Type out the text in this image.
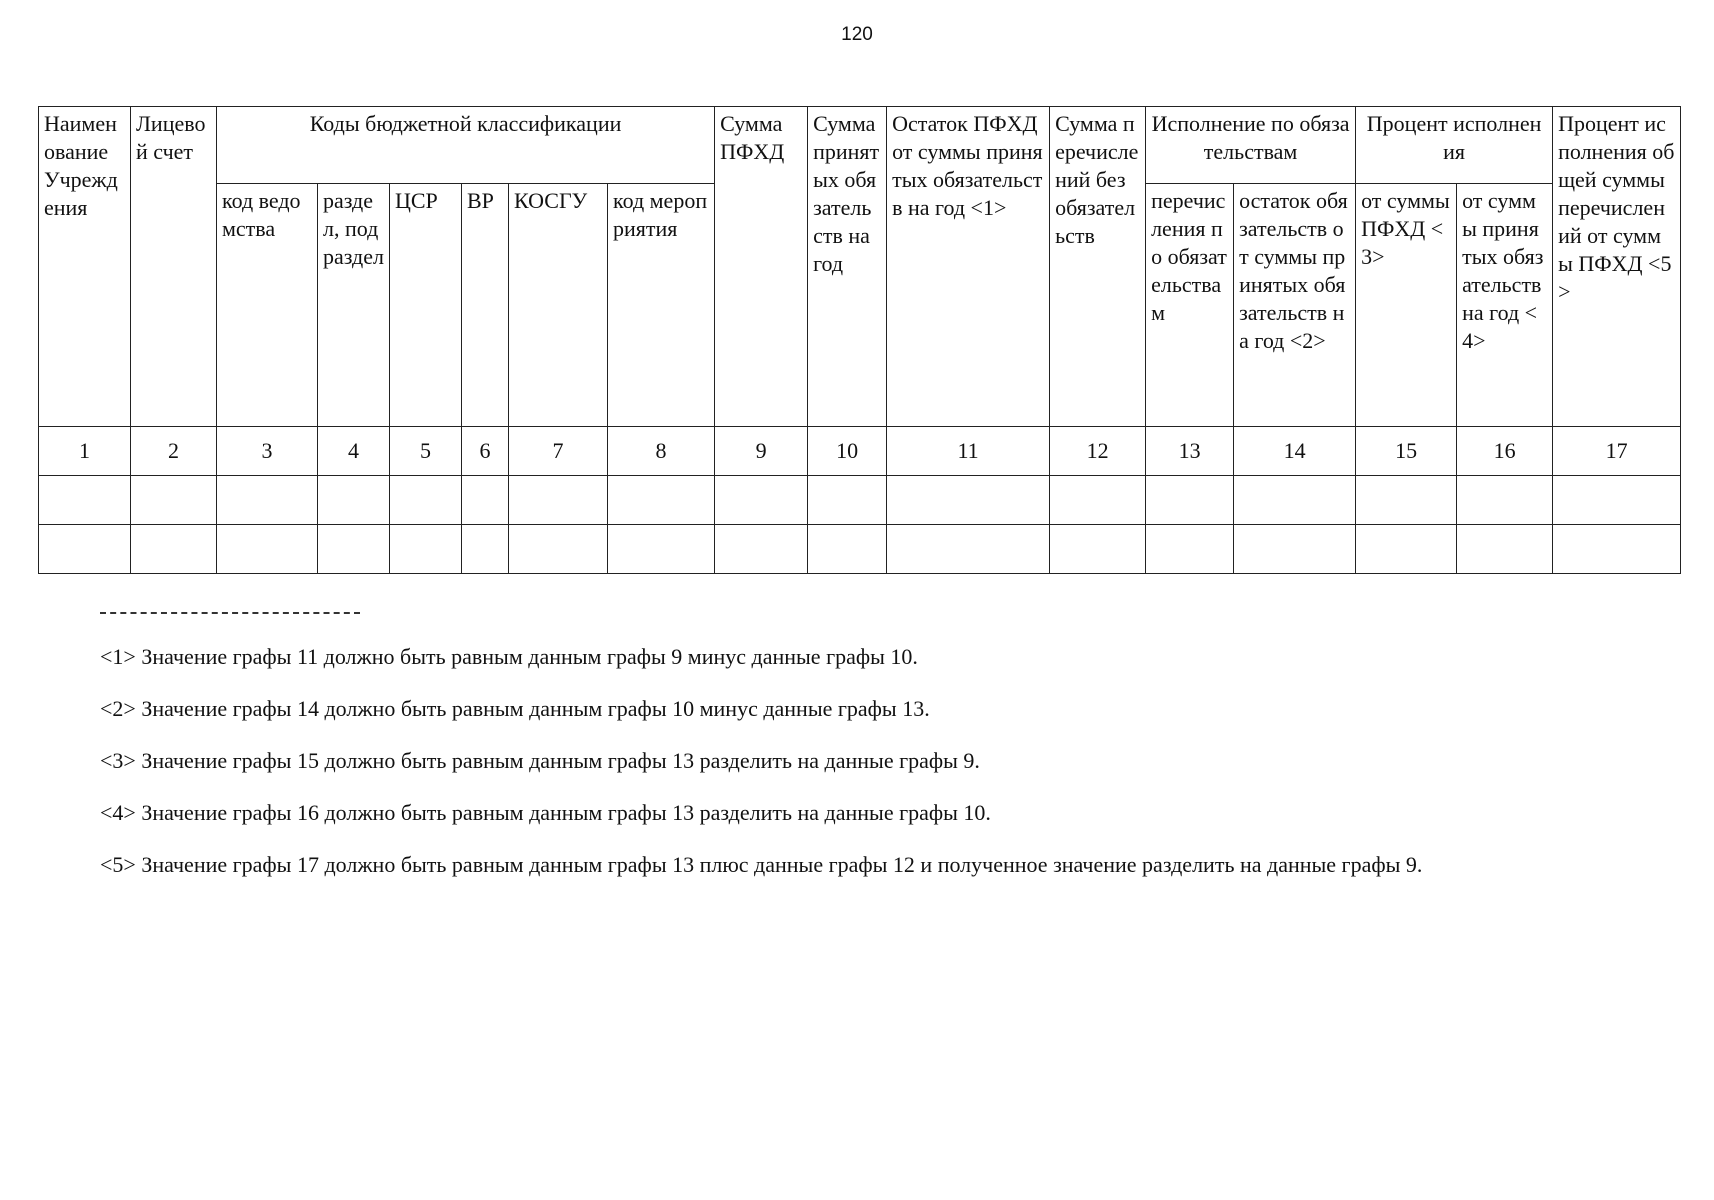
120
Наименование Учреждения	Лицевой счет	Коды бюджетной классификации						Сумма ПФХД	Сумма принятых обязательств на год	Остаток ПФХД от суммы принятых обязательств на год <1>	Сумма перечислений без обязательств	Исполнение по обязательствам		Процент исполнения		Процент исполнения общей суммы перечислений от суммы ПФХД <5>
		код ведомства	раздел, подраздел	ЦСР	ВР	КОСГУ	код мероприятия					перечисления по обязательствам	остаток обязательств от суммы принятых обязательств на год <2>	от суммы ПФХД <3>	от суммы принятых обязательств на год <4>	
1	2	3	4	5	6	7	8	9	10	11	12	13	14	15	16	17

<1> Значение графы 11 должно быть равным данным графы 9 минус данные графы 10.
<2> Значение графы 14 должно быть равным данным графы 10 минус данные графы 13.
<3> Значение графы 15 должно быть равным данным графы 13 разделить на данные графы 9.
<4> Значение графы 16 должно быть равным данным графы 13 разделить на данные графы 10.
<5> Значение графы 17 должно быть равным данным графы 13 плюс данные графы 12 и полученное значение разделить на данные графы 9.
